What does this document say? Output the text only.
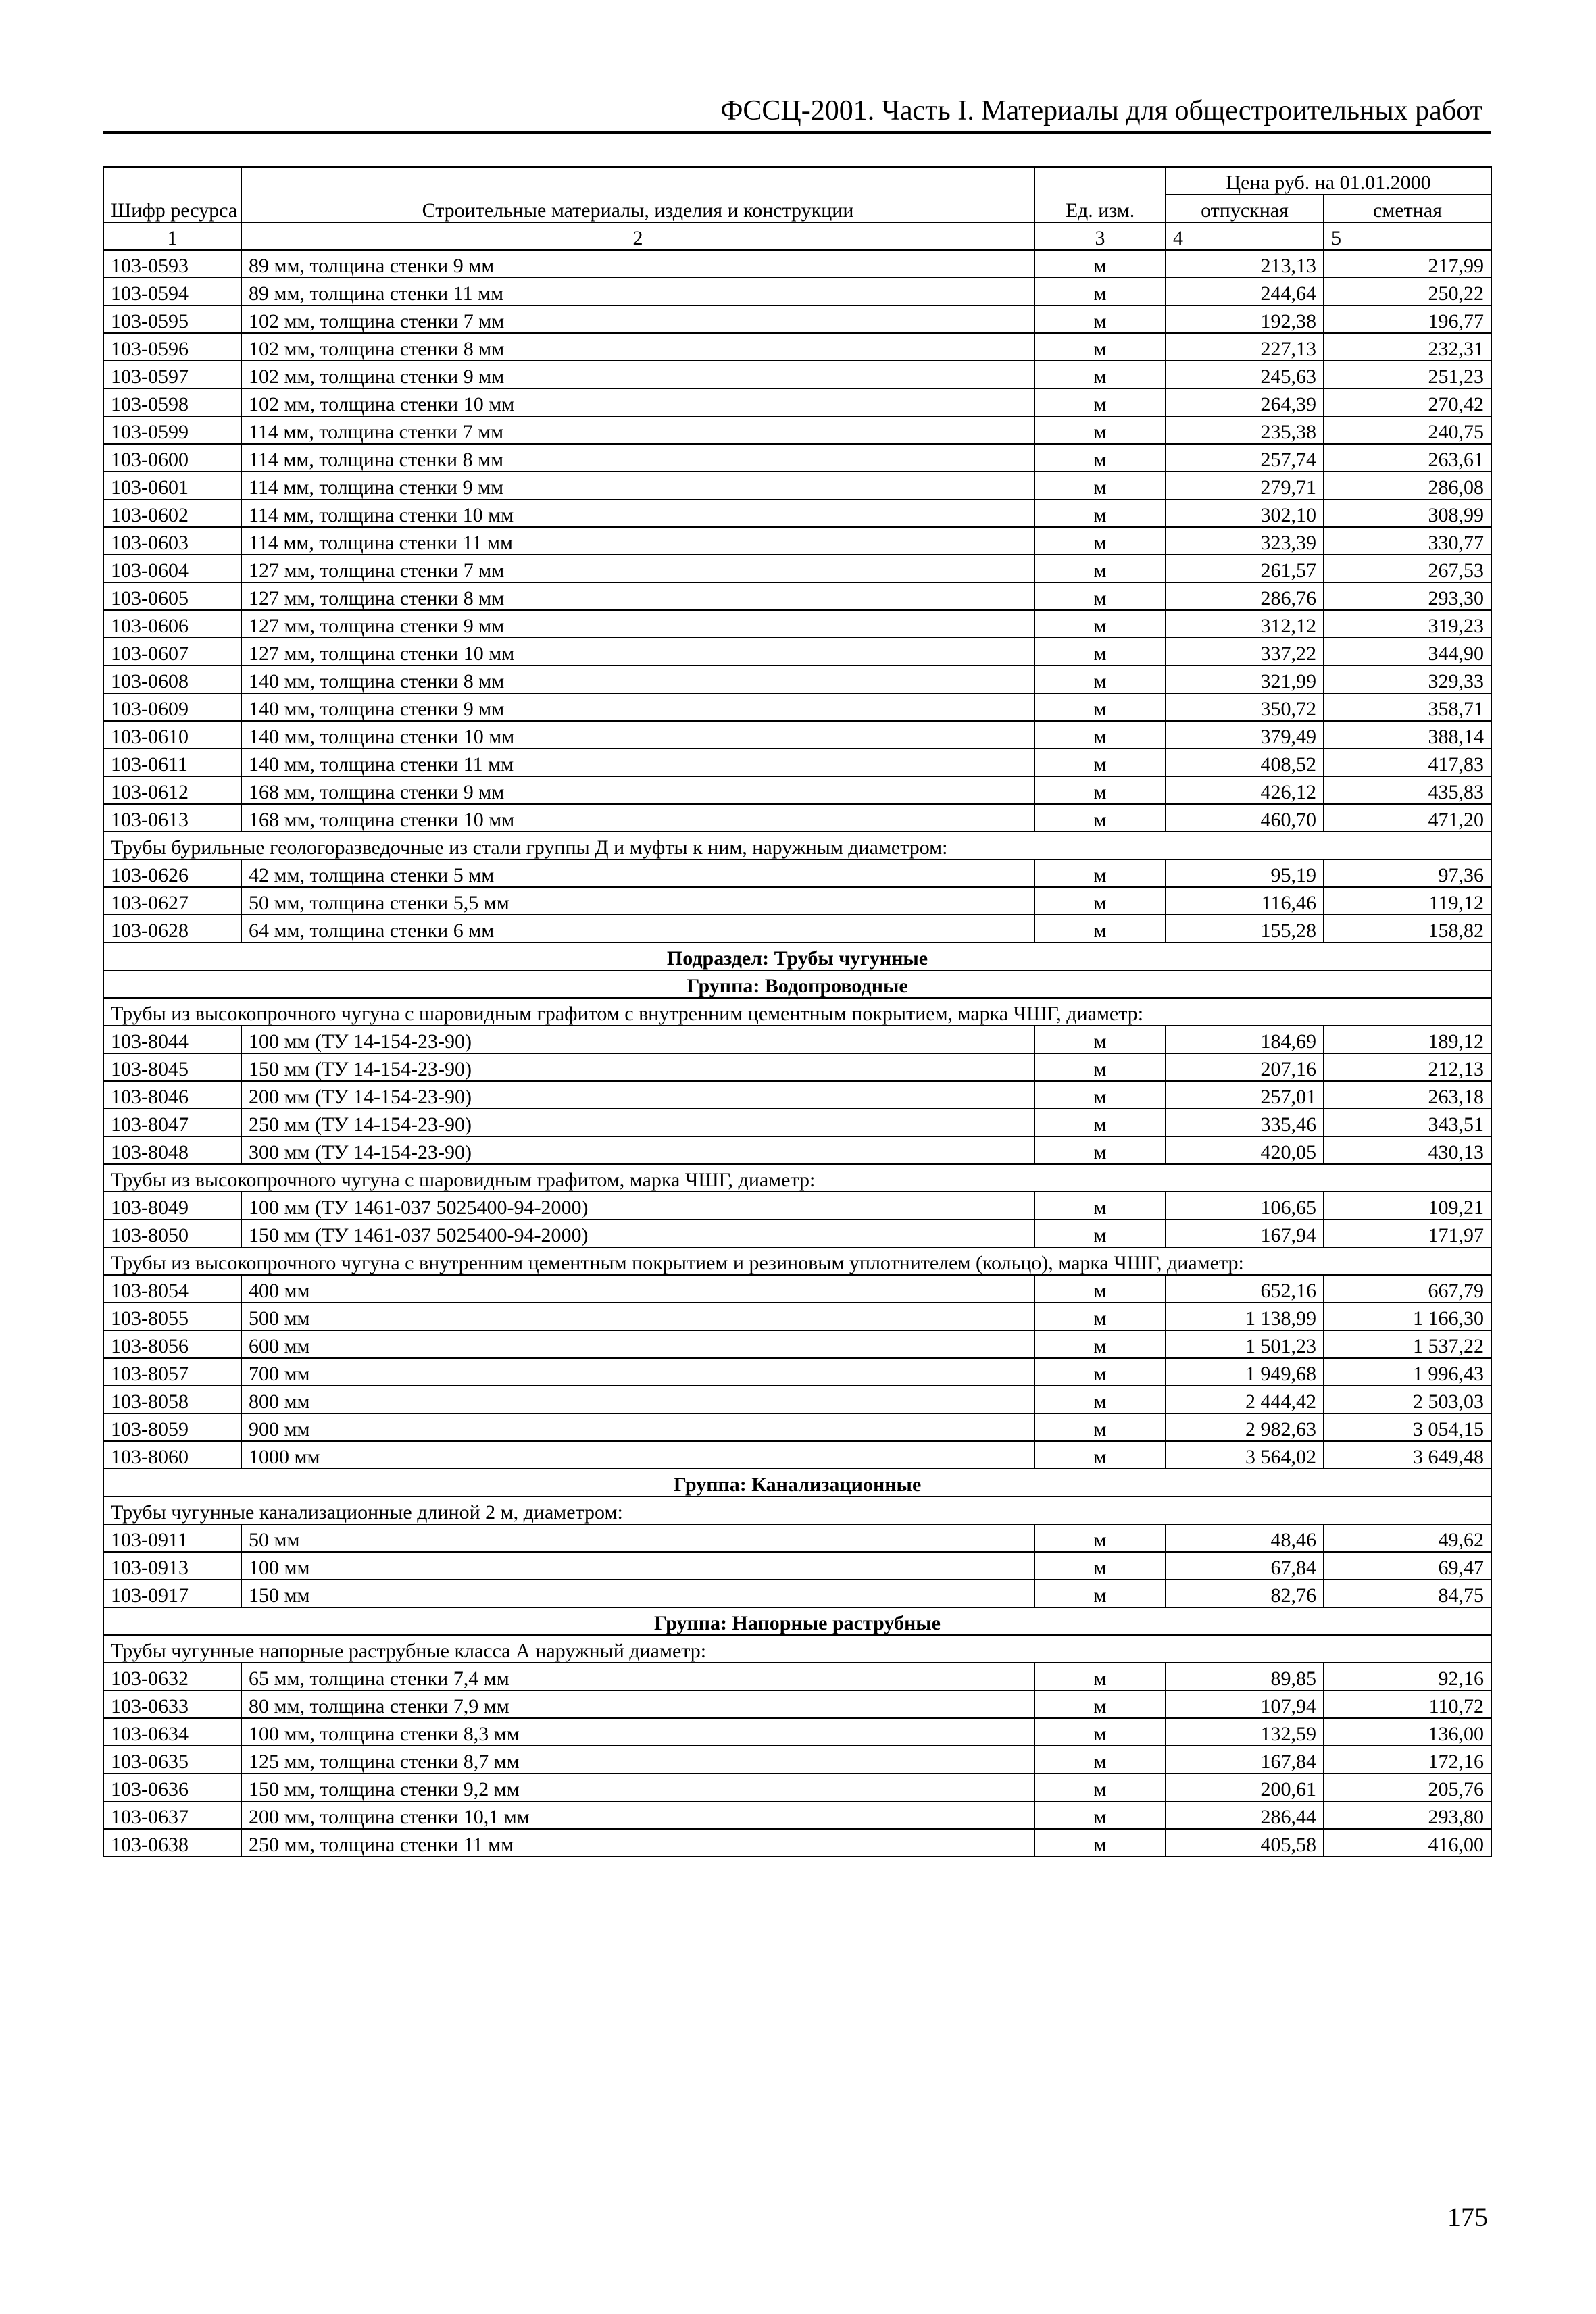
ФССЦ-2001. Часть I. Материалы для общестроительных работ
Шифр ресурса	Строительные материалы, изделия и конструкции	Ед. изм.	Цена руб. на 01.01.2000	
			отпускная	сметная
1	2	3	4	5
103-0593	89 мм, толщина стенки 9 мм	м	213,13	217,99
103-0594	89 мм, толщина стенки 11 мм	м	244,64	250,22
103-0595	102 мм, толщина стенки 7 мм	м	192,38	196,77
103-0596	102 мм, толщина стенки 8 мм	м	227,13	232,31
103-0597	102 мм, толщина стенки 9 мм	м	245,63	251,23
103-0598	102 мм, толщина стенки 10 мм	м	264,39	270,42
103-0599	114 мм, толщина стенки 7 мм	м	235,38	240,75
103-0600	114 мм, толщина стенки 8 мм	м	257,74	263,61
103-0601	114 мм, толщина стенки 9 мм	м	279,71	286,08
103-0602	114 мм, толщина стенки 10 мм	м	302,10	308,99
103-0603	114 мм, толщина стенки 11 мм	м	323,39	330,77
103-0604	127 мм, толщина стенки 7 мм	м	261,57	267,53
103-0605	127 мм, толщина стенки 8 мм	м	286,76	293,30
103-0606	127 мм, толщина стенки 9 мм	м	312,12	319,23
103-0607	127 мм, толщина стенки 10 мм	м	337,22	344,90
103-0608	140 мм, толщина стенки 8 мм	м	321,99	329,33
103-0609	140 мм, толщина стенки 9 мм	м	350,72	358,71
103-0610	140 мм, толщина стенки 10 мм	м	379,49	388,14
103-0611	140 мм, толщина стенки 11 мм	м	408,52	417,83
103-0612	168 мм, толщина стенки 9 мм	м	426,12	435,83
103-0613	168 мм, толщина стенки 10 мм	м	460,70	471,20
Трубы бурильные геологоразведочные из стали группы Д и муфты к ним, наружным диаметром:				
103-0626	42 мм, толщина стенки 5 мм	м	95,19	97,36
103-0627	50 мм, толщина стенки 5,5 мм	м	116,46	119,12
103-0628	64 мм, толщина стенки 6 мм	м	155,28	158,82
Подраздел: Трубы чугунные				
Группа: Водопроводные				
Трубы из высокопрочного чугуна с шаровидным графитом с внутренним цементным покрытием, марка ЧШГ, диаметр:				
103-8044	100 мм (ТУ 14-154-23-90)	м	184,69	189,12
103-8045	150 мм (ТУ 14-154-23-90)	м	207,16	212,13
103-8046	200 мм (ТУ 14-154-23-90)	м	257,01	263,18
103-8047	250 мм (ТУ 14-154-23-90)	м	335,46	343,51
103-8048	300 мм (ТУ 14-154-23-90)	м	420,05	430,13
Трубы из высокопрочного чугуна с шаровидным графитом, марка ЧШГ, диаметр:				
103-8049	100 мм (ТУ 1461-037 5025400-94-2000)	м	106,65	109,21
103-8050	150 мм (ТУ 1461-037 5025400-94-2000)	м	167,94	171,97
Трубы из высокопрочного чугуна с внутренним цементным покрытием и резиновым уплотнителем (кольцо), марка ЧШГ, диаметр:				
103-8054	400 мм	м	652,16	667,79
103-8055	500 мм	м	1 138,99	1 166,30
103-8056	600 мм	м	1 501,23	1 537,22
103-8057	700 мм	м	1 949,68	1 996,43
103-8058	800 мм	м	2 444,42	2 503,03
103-8059	900 мм	м	2 982,63	3 054,15
103-8060	1000 мм	м	3 564,02	3 649,48
Группа: Канализационные				
Трубы чугунные канализационные длиной 2 м, диаметром:				
103-0911	50 мм	м	48,46	49,62
103-0913	100 мм	м	67,84	69,47
103-0917	150 мм	м	82,76	84,75
Группа: Напорные раструбные				
Трубы чугунные напорные раструбные класса А наружный диаметр:				
103-0632	65 мм, толщина стенки 7,4 мм	м	89,85	92,16
103-0633	80 мм, толщина стенки 7,9 мм	м	107,94	110,72
103-0634	100 мм, толщина стенки 8,3 мм	м	132,59	136,00
103-0635	125 мм, толщина стенки 8,7 мм	м	167,84	172,16
103-0636	150 мм, толщина стенки 9,2 мм	м	200,61	205,76
103-0637	200 мм, толщина стенки 10,1 мм	м	286,44	293,80
103-0638	250 мм, толщина стенки 11 мм	м	405,58	416,00
175
